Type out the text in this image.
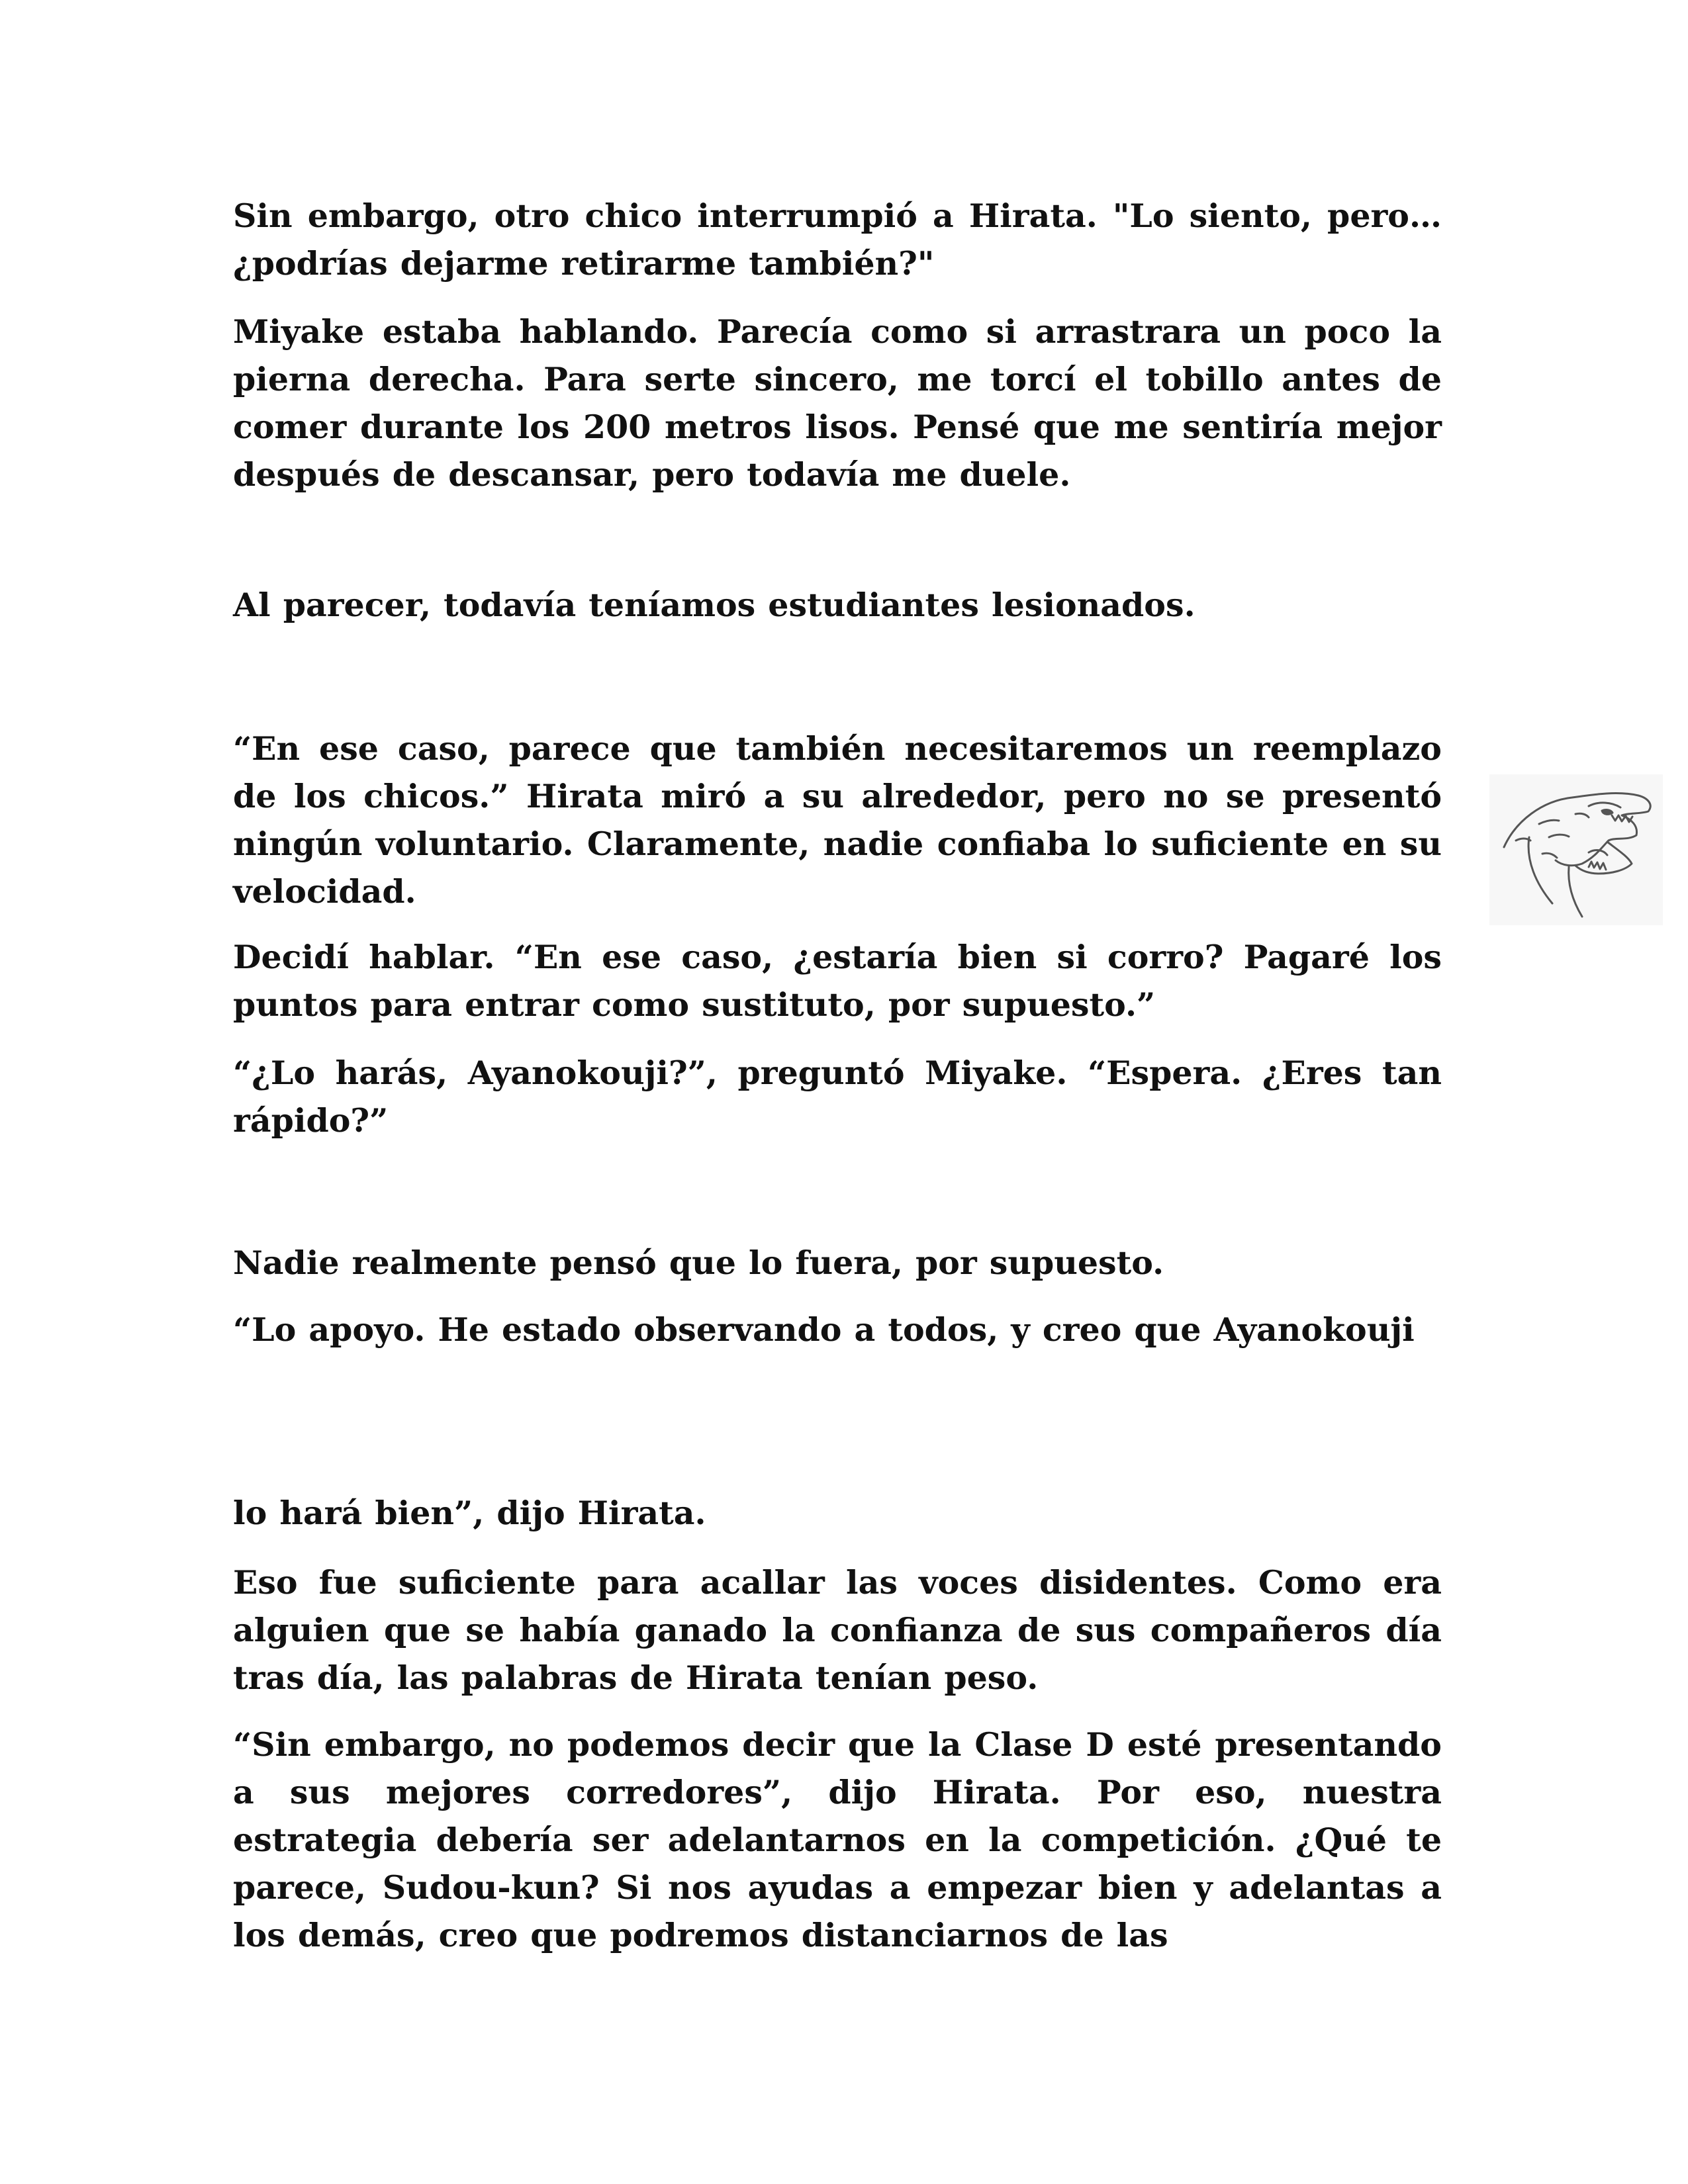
Sin embargo, otro chico interrumpió a Hirata. "Lo siento, pero… ¿podrías dejarme retirarme también?"

Miyake estaba hablando. Parecía como si arrastrara un poco la pierna derecha. Para serte sincero, me torcí el tobillo antes de comer durante los 200 metros lisos. Pensé que me sentiría mejor después de descansar, pero todavía me duele.

Al parecer, todavía teníamos estudiantes lesionados.

“En ese caso, parece que también necesitaremos un reemplazo de los chicos.” Hirata miró a su alrededor, pero no se presentó ningún voluntario. Claramente, nadie confiaba lo suficiente en su velocidad.

Decidí hablar. “En ese caso, ¿estaría bien si corro? Pagaré los puntos para entrar como sustituto, por supuesto.”

“¿Lo harás, Ayanokouji?”, preguntó Miyake. “Espera. ¿Eres tan rápido?”

Nadie realmente pensó que lo fuera, por supuesto.

“Lo apoyo. He estado observando a todos, y creo que Ayanokouji

lo hará bien”, dijo Hirata.

Eso fue suficiente para acallar las voces disidentes. Como era alguien que se había ganado la confianza de sus compañeros día tras día, las palabras de Hirata tenían peso.

“Sin embargo, no podemos decir que la Clase D esté presentando a sus mejores corredores”, dijo Hirata. Por eso, nuestra estrategia debería ser adelantarnos en la competición. ¿Qué te parece, Sudou-kun? Si nos ayudas a empezar bien y adelantas a los demás, creo que podremos distanciarnos de las
